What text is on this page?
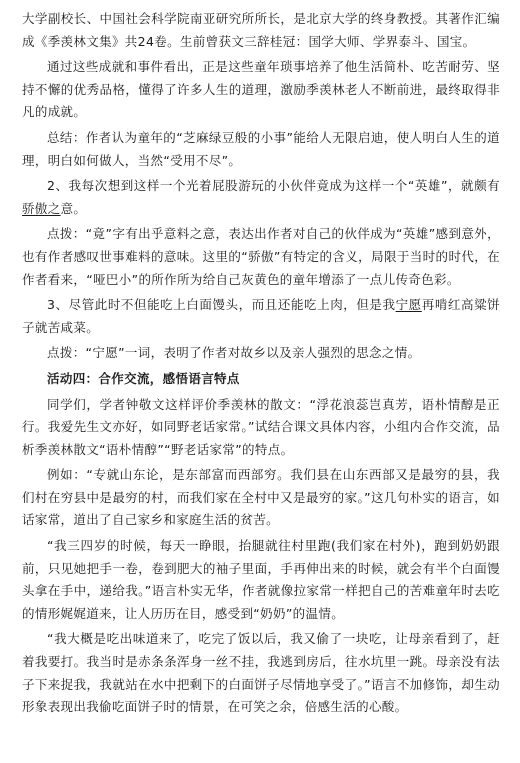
大学副校长、中国社会科学院南亚研究所所长，是北京大学的终身教授。其著作汇编成《季羡林文集》共24卷。生前曾获文三辞桂冠：国学大师、学界泰斗、国宝。

通过这些成就和事件看出，正是这些童年琐事培养了他生活简朴、吃苦耐劳、坚持不懈的优秀品格，懂得了许多人生的道理，激励季羡林老人不断前进，最终取得非凡的成就。

总结：作者认为童年的“芝麻绿豆般的小事”能给人无限启迪，使人明白人生的道理，明白如何做人，当然“受用不尽”。

2、我每次想到这样一个光着屁股游玩的小伙伴竟成为这样一个“英雄”，就颇有骄傲之意。

点拨：“竟”字有出乎意料之意，表达出作者对自己的伙伴成为“英雄”感到意外，也有作者感叹世事难料的意味。这里的“骄傲”有特定的含义，局限于当时的时代，在作者看来，“哑巴小”的所作所为给自己灰黄色的童年增添了一点儿传奇色彩。

3、尽管此时不但能吃上白面馒头，而且还能吃上肉，但是我宁愿再啃红高粱饼子就苦咸菜。

点拨：“宁愿”一词，表明了作者对故乡以及亲人强烈的思念之情。

活动四：合作交流，感悟语言特点

同学们，学者钟敬文这样评价季羡林的散文：“浮花浪蕊岂真芳，语朴情醇是正行。我爱先生文亦好，如同野老话家常。”试结合课文具体内容，小组内合作交流，品析季羡林散文“语朴情醇”“野老话家常”的特点。

例如：“专就山东论，是东部富而西部穷。我们县在山东西部又是最穷的县，我们村在穷县中是最穷的村，而我们家在全村中又是最穷的家。”这几句朴实的语言，如话家常，道出了自己家乡和家庭生活的贫苦。

“我三四岁的时候，每天一睁眼，抬腿就往村里跑(我们家在村外)，跑到奶奶跟前，只见她把手一卷，卷到肥大的袖子里面，手再伸出来的时候，就会有半个白面馒头拿在手中，递给我。”语言朴实无华，作者就像拉家常一样把自己的苦难童年时去吃的情形娓娓道来，让人历历在目，感受到“奶奶”的温情。

“我大概是吃出味道来了，吃完了饭以后，我又偷了一块吃，让母亲看到了，赶着我要打。我当时是赤条条浑身一丝不挂，我逃到房后，往水坑里一跳。母亲没有法子下来捉我，我就站在水中把剩下的白面饼子尽情地享受了。”语言不加修饰，却生动形象表现出我偷吃面饼子时的情景，在可笑之余，倍感生活的心酸。
